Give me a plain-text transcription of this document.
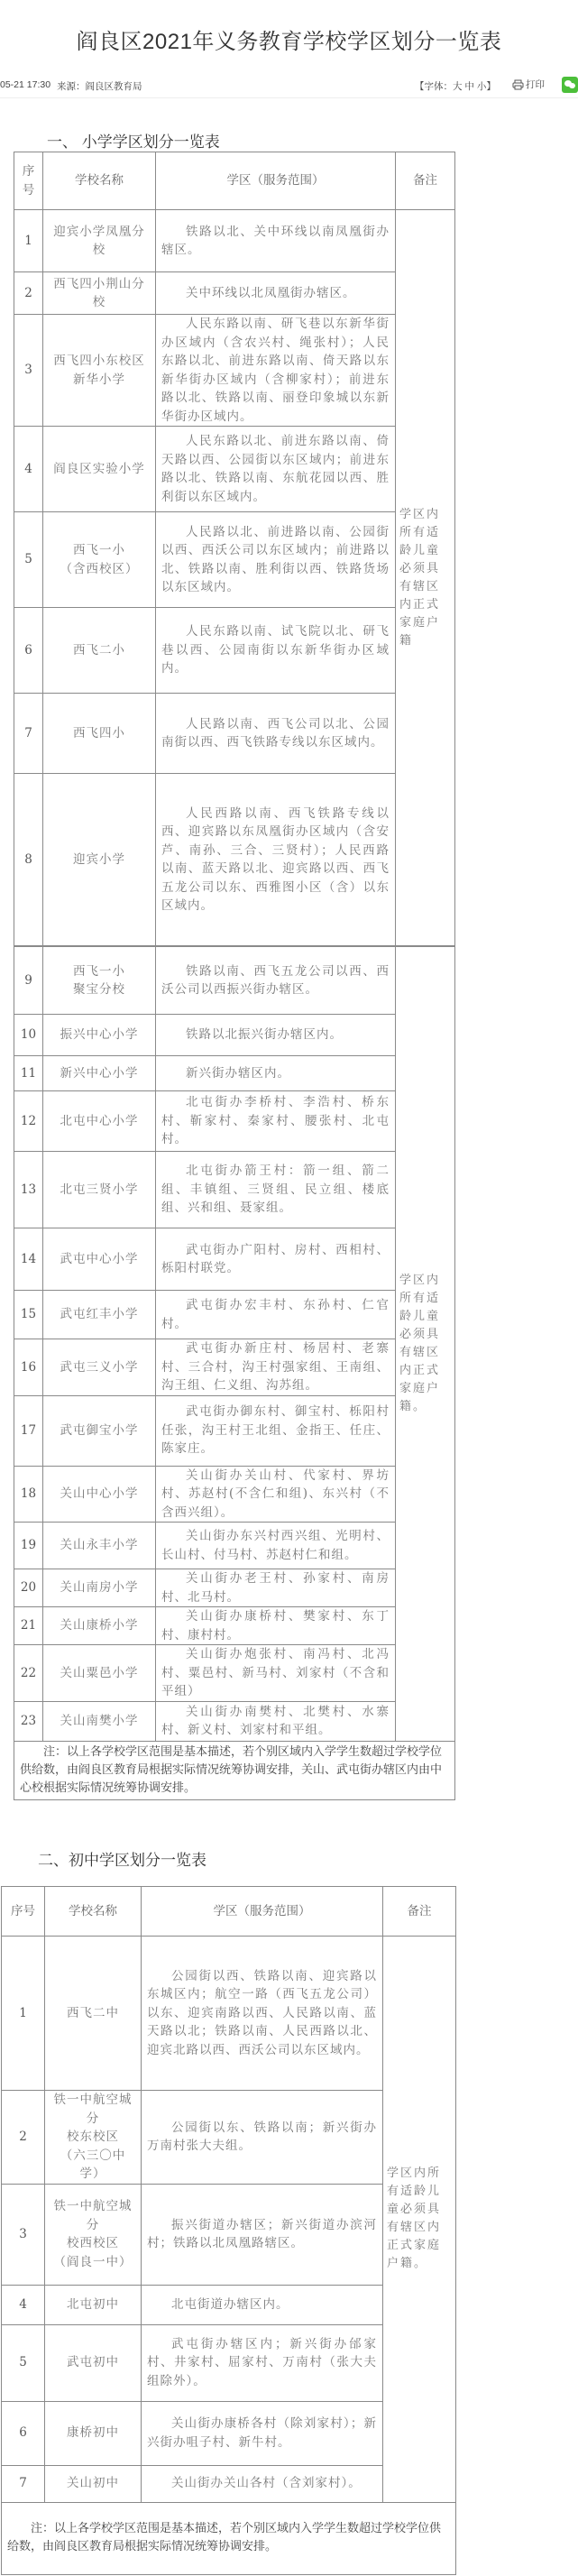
阎良区2021年义务教育学校学区划分一览表
05-21 17:30 来源：阎良区教育局	【字体：大 中 小】	打印
一、 小学学区划分一览表
序
号	学校名称	学区（服务范围）	备注
1	迎宾小学凤凰分校	铁路以北、关中环线以南凤凰街办辖区。	学区内所有适龄儿童必须具有辖区内正式家庭户籍
2	西飞四小荆山分校	关中环线以北凤凰街办辖区。	
3	西飞四小东校区
新华小学	人民东路以南、研飞巷以东新华街办区域内（含农兴村、绳张村）；人民东路以北、前进东路以南、倚天路以东新华街办区域内（含柳家村）；前进东路以北、铁路以南、丽登印象城以东新华街办区域内。	
4	阎良区实验小学	人民东路以北、前进东路以南、倚天路以西、公园街以东区域内；前进东路以北、铁路以南、东航花园以西、胜利街以东区域内。	
5	西飞一小
（含西校区）	人民路以北、前进路以南、公园街以西、西沃公司以东区域内；前进路以北、铁路以南、胜利街以西、铁路货场以东区域内。	
6	西飞二小	人民东路以南、试飞院以北、研飞巷以西、公园南街以东新华街办区域内。	
7	西飞四小	人民路以南、西飞公司以北、公园南街以西、西飞铁路专线以东区域内。	
8	迎宾小学	人民西路以南、西飞铁路专线以西、迎宾路以东凤凰街办区域内（含安芦、南孙、三合、三贤村）；人民西路以南、蓝天路以北、迎宾路以西、西飞五龙公司以东、西雅图小区（含）以东区域内。	
9	西飞一小
聚宝分校	铁路以南、西飞五龙公司以西、西沃公司以西振兴街办辖区。	学区内所有适龄儿童必须具有辖区内正式家庭户籍。
10	振兴中心小学	铁路以北振兴街办辖区内。	
11	新兴中心小学	新兴街办辖区内。	
12	北屯中心小学	北屯街办李桥村、李浩村、桥东村、靳家村、秦家村、腰张村、北屯村。	
13	北屯三贤小学	北屯街办箭王村：箭一组、箭二组、丰镇组、三贤组、民立组、楼底组、兴和组、聂家组。	
14	武屯中心小学	武屯街办广阳村、房村、西相村、栎阳村联党。	
15	武屯红丰小学	武屯街办宏丰村、东孙村、仁官村。	
16	武屯三义小学	武屯街办新庄村、杨居村、老寨村、三合村，沟王村强家组、王南组、沟王组、仁义组、沟苏组。	
17	武屯御宝小学	武屯街办御东村、御宝村、栎阳村任张，沟王村王北组、金指王、任庄、陈家庄。	
18	关山中心小学	关山街办关山村、代家村、界坊村、苏赵村(不含仁和组)、东兴村（不含西兴组）。	
19	关山永丰小学	关山街办东兴村西兴组、光明村、长山村、付马村、苏赵村仁和组。	
20	关山南房小学	关山街办老王村、孙家村、南房村、北马村。	
21	关山康桥小学	关山街办康桥村、樊家村、东丁村、康村村。	
22	关山粟邑小学	关山街办炮张村、南冯村、北冯村、粟邑村、新马村、刘家村（不含和平组）	
23	关山南樊小学	关山街办南樊村、北樊村、水寨村、新义村、刘家村和平组。	
注：以上各学校学区范围是基本描述，若个别区域内入学学生数超过学校学位供给数，由阎良区教育局根据实际情况统筹协调安排，关山、武屯街办辖区内由中心校根据实际情况统筹协调安排。			
二、初中学区划分一览表
序号	学校名称	学区（服务范围）	备注
1	西飞二中	公园街以西、铁路以南、迎宾路以东城区内；航空一路（西飞五龙公司）以东、迎宾南路以西、人民路以南、蓝天路以北；铁路以南、人民西路以北、迎宾北路以西、西沃公司以东区域内。	学区内所有适龄儿童必须具有辖区内正式家庭户籍。
2	铁一中航空城分
校东校区
（六三〇中学）	公园街以东、铁路以南；新兴街办万南村张大夫组。	
3	铁一中航空城分
校西校区
（阎良一中）	振兴街道办辖区；新兴街道办滨河村；铁路以北凤凰路辖区。	
4	北屯初中	北屯街道办辖区内。	
5	武屯初中	武屯街办辖区内；新兴街办邰家村、井家村、屈家村、万南村（张大夫组除外）。	
6	康桥初中	关山街办康桥各村（除刘家村）；新兴街办咀子村、新牛村。	
7	关山初中	关山街办关山各村（含刘家村）。	
注：以上各学校学区范围是基本描述，若个别区域内入学学生数超过学校学位供给数，由阎良区教育局根据实际情况统筹协调安排。			
